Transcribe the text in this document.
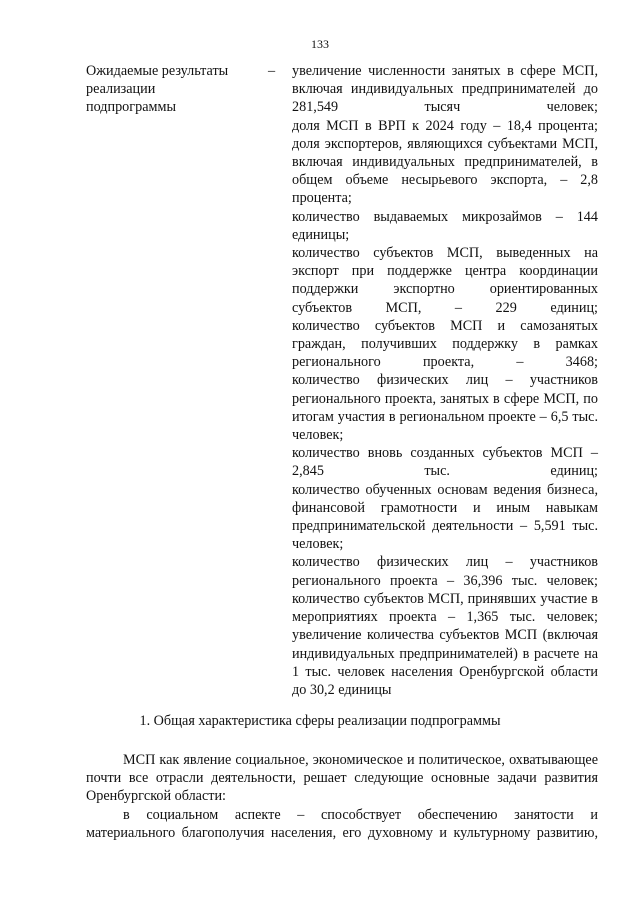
133
Ожидаемые результаты
реализации
подпрограммы
– увеличение численности занятых в сфере МСП, включая индивидуальных предпринимателей до 281,549 тысяч человек;
доля МСП в ВРП к 2024 году – 18,4 процента;
доля экспортеров, являющихся субъектами МСП, включая индивидуальных предпринимателей, в общем объеме несырьевого экспорта, – 2,8 процента;
количество выдаваемых микрозаймов – 144 единицы;
количество субъектов МСП, выведенных на экспорт при поддержке центра координации поддержки экспортно ориентированных субъектов МСП, – 229 единиц;
количество субъектов МСП и самозанятых граждан, получивших поддержку в рамках регионального проекта, – 3468;
количество физических лиц – участников регионального проекта, занятых в сфере МСП, по итогам участия в региональном проекте – 6,5 тыс. человек;
количество вновь созданных субъектов МСП – 2,845 тыс. единиц;
количество обученных основам ведения бизнеса, финансовой грамотности и иным навыкам предпринимательской деятельности – 5,591 тыс. человек;
количество физических лиц – участников регионального проекта – 36,396 тыс. человек;
количество субъектов МСП, принявших участие в мероприятиях проекта – 1,365 тыс. человек;
увеличение количества субъектов МСП (включая индивидуальных предпринимателей) в расчете на 1 тыс. человек населения Оренбургской области до 30,2 единицы
1. Общая характеристика сферы реализации подпрограммы

МСП как явление социальное, экономическое и политическое, охватывающее почти все отрасли деятельности, решает следующие основные задачи развития Оренбургской области:

в социальном аспекте – способствует обеспечению занятости и материального благополучия населения, его духовному и культурному развитию,
